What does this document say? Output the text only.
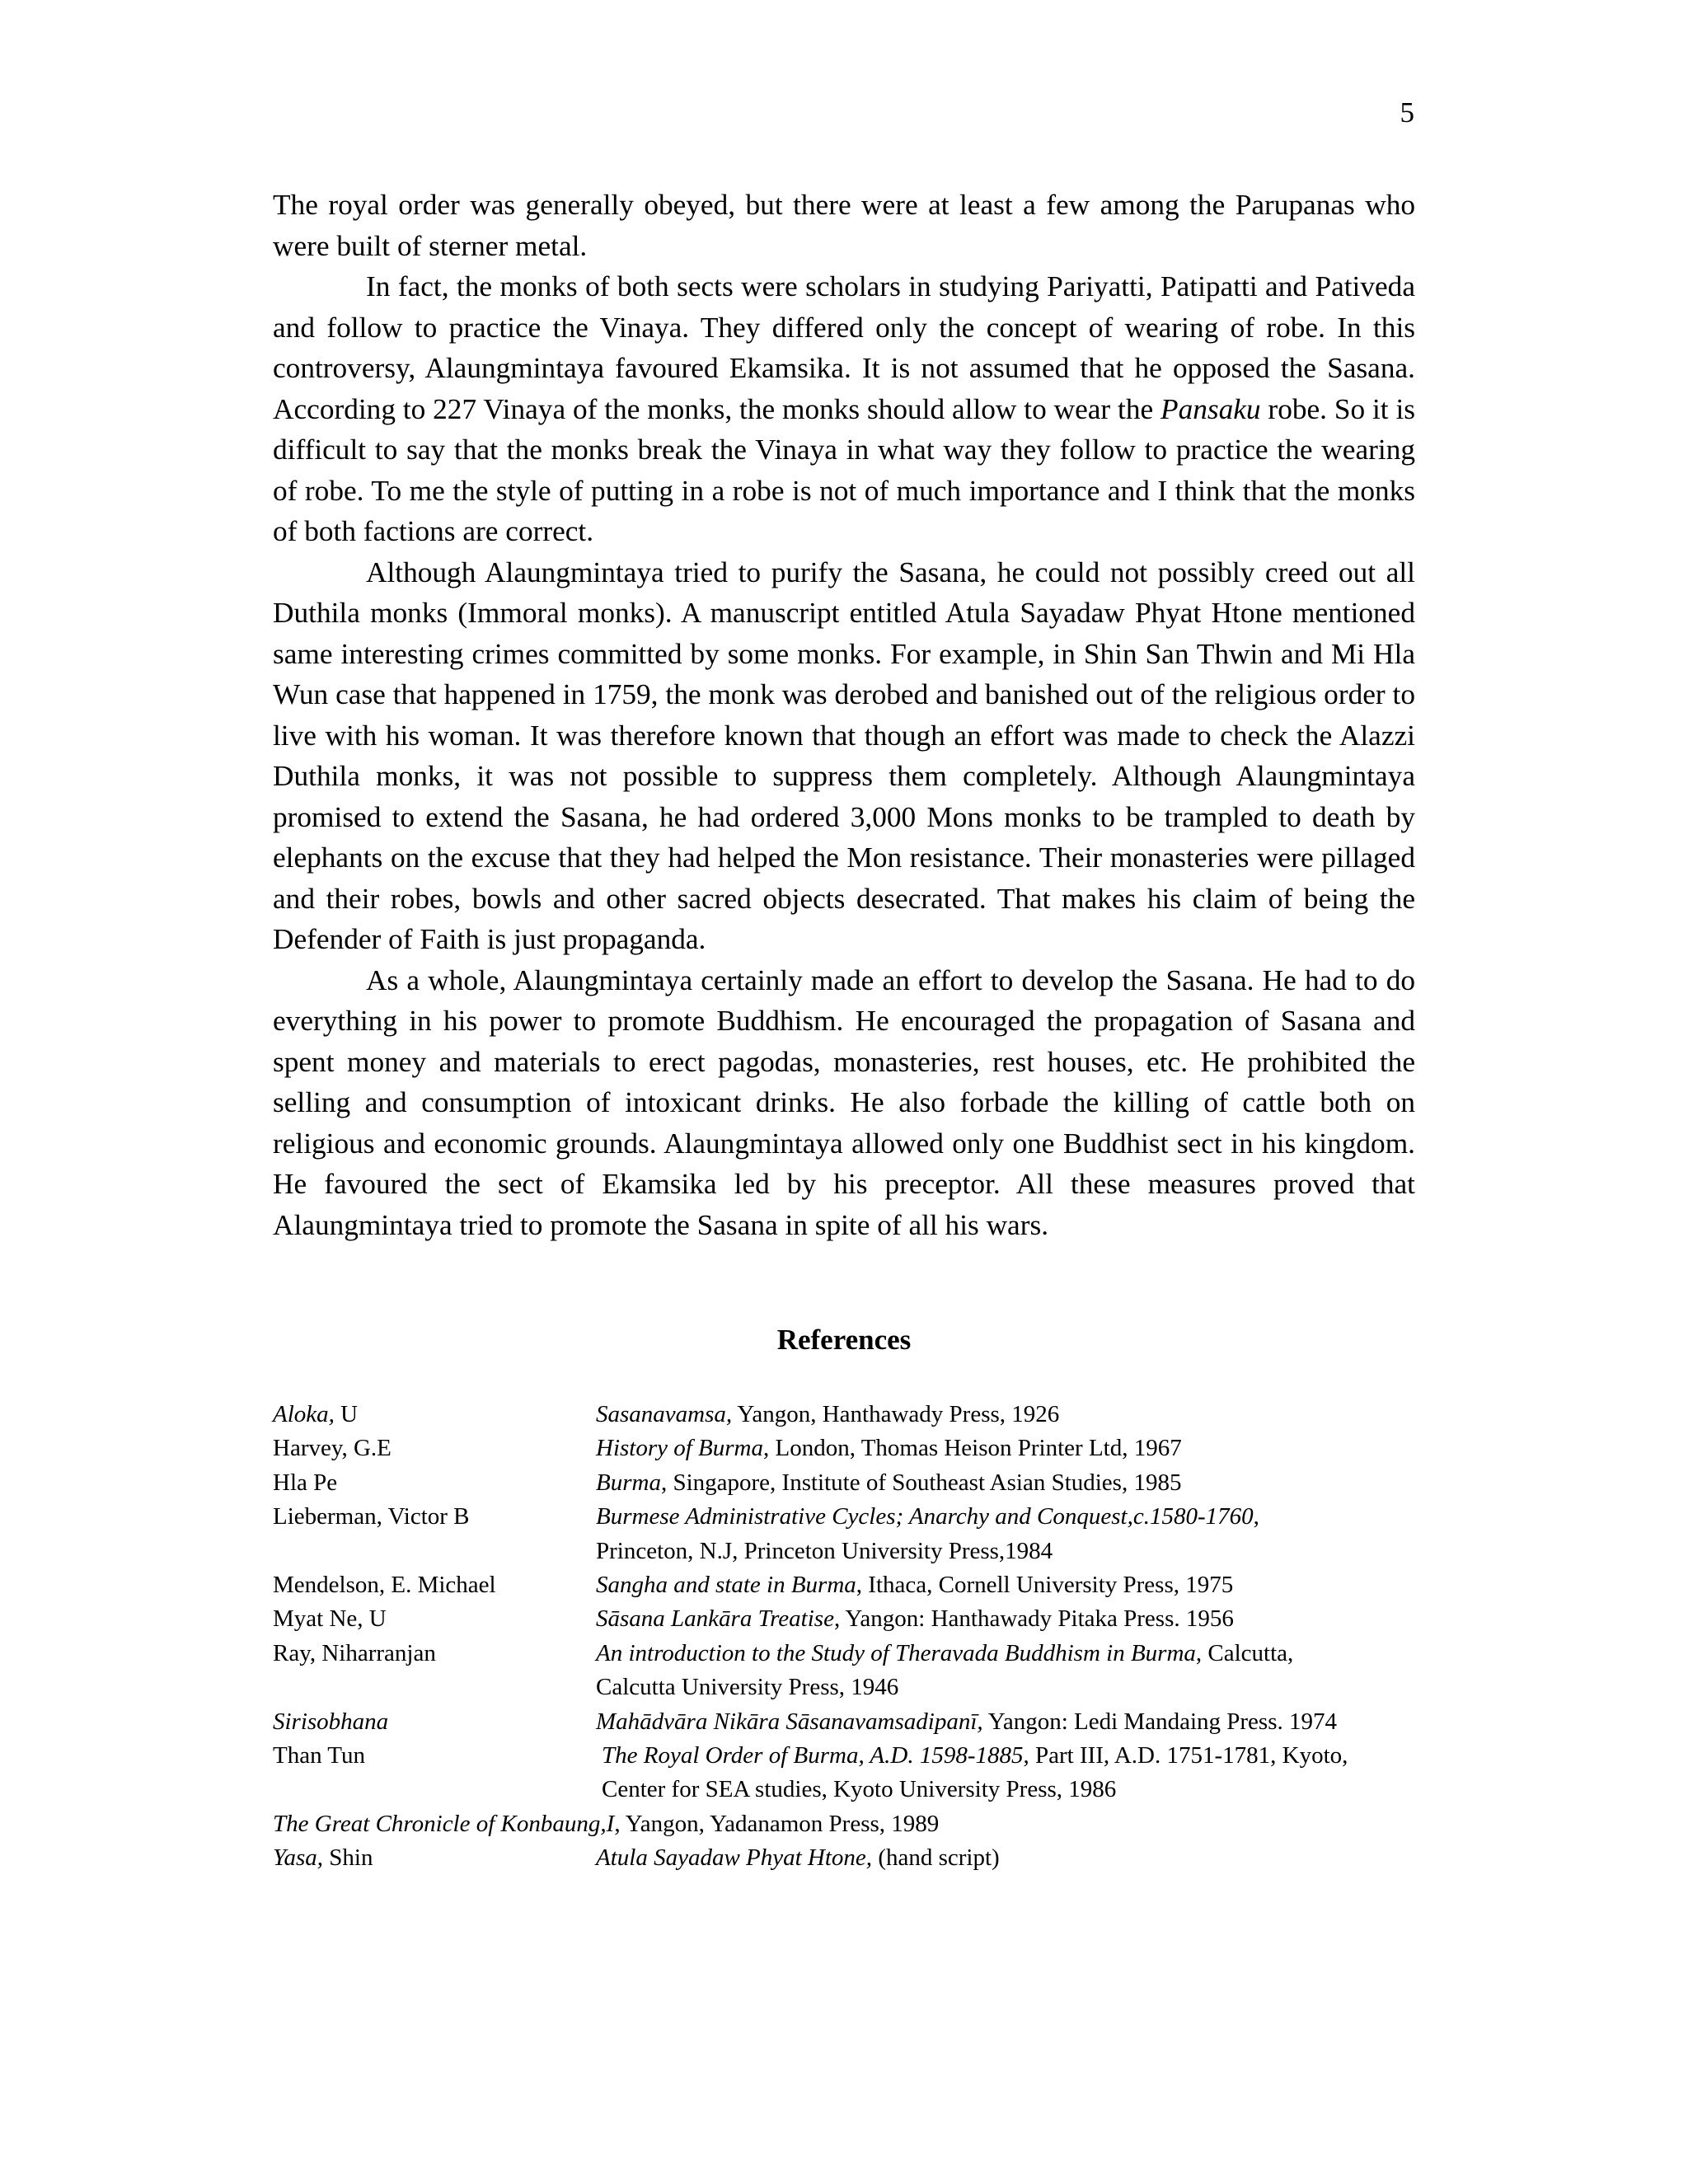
5

The royal order was generally obeyed, but there were at least a few among the Parupanas who were built of sterner metal.

In fact, the monks of both sects were scholars in studying Pariyatti, Patipatti and Pativeda and follow to practice the Vinaya. They differed only the concept of wearing of robe. In this controversy, Alaungmintaya favoured Ekamsika. It is not assumed that he opposed the Sasana. According to 227 Vinaya of the monks, the monks should allow to wear the Pansaku robe. So it is difficult to say that the monks break the Vinaya in what way they follow to practice the wearing of robe. To me the style of putting in a robe is not of much importance and I think that the monks of both factions are correct.

Although Alaungmintaya tried to purify the Sasana, he could not possibly creed out all Duthila monks (Immoral monks). A manuscript entitled Atula Sayadaw Phyat Htone mentioned same interesting crimes committed by some monks. For example, in Shin San Thwin and Mi Hla Wun case that happened in 1759, the monk was derobed and banished out of the religious order to live with his woman. It was therefore known that though an effort was made to check the Alazzi Duthila monks, it was not possible to suppress them completely. Although Alaungmintaya promised to extend the Sasana, he had ordered 3,000 Mons monks to be trampled to death by elephants on the excuse that they had helped the Mon resistance. Their monasteries were pillaged and their robes, bowls and other sacred objects desecrated. That makes his claim of being the Defender of Faith is just propaganda.

As a whole, Alaungmintaya certainly made an effort to develop the Sasana. He had to do everything in his power to promote Buddhism. He encouraged the propagation of Sasana and spent money and materials to erect pagodas, monasteries, rest houses, etc. He prohibited the selling and consumption of intoxicant drinks. He also forbade the killing of cattle both on religious and economic grounds. Alaungmintaya allowed only one Buddhist sect in his kingdom. He favoured the sect of Ekamsika led by his preceptor. All these measures proved that Alaungmintaya tried to promote the Sasana in spite of all his wars.

References
Aloka, U	Sasanavamsa, Yangon, Hanthawady Press, 1926
Harvey, G.E	History of Burma, London, Thomas Heison Printer Ltd, 1967
Hla Pe	Burma, Singapore, Institute of Southeast Asian Studies, 1985
Lieberman, Victor B	Burmese Administrative Cycles; Anarchy and Conquest,c.1580-1760,
Princeton, N.J, Princeton University Press,1984
Mendelson, E. Michael	Sangha and state in Burma, Ithaca, Cornell University Press, 1975
Myat Ne, U	Sāsana Lankāra Treatise, Yangon: Hanthawady Pitaka Press. 1956
Ray, Niharranjan	An introduction to the Study of Theravada Buddhism in Burma, Calcutta,
Calcutta University Press, 1946
Sirisobhana	Mahādvāra Nikāra Sāsanavamsadipanī, Yangon: Ledi Mandaing Press. 1974
Than Tun	The Royal Order of Burma, A.D. 1598-1885, Part III, A.D. 1751-1781, Kyoto,
Center for SEA studies, Kyoto University Press, 1986
The Great Chronicle of Konbaung,I, Yangon, Yadanamon Press, 1989
Yasa, Shin	Atula Sayadaw Phyat Htone, (hand script)
